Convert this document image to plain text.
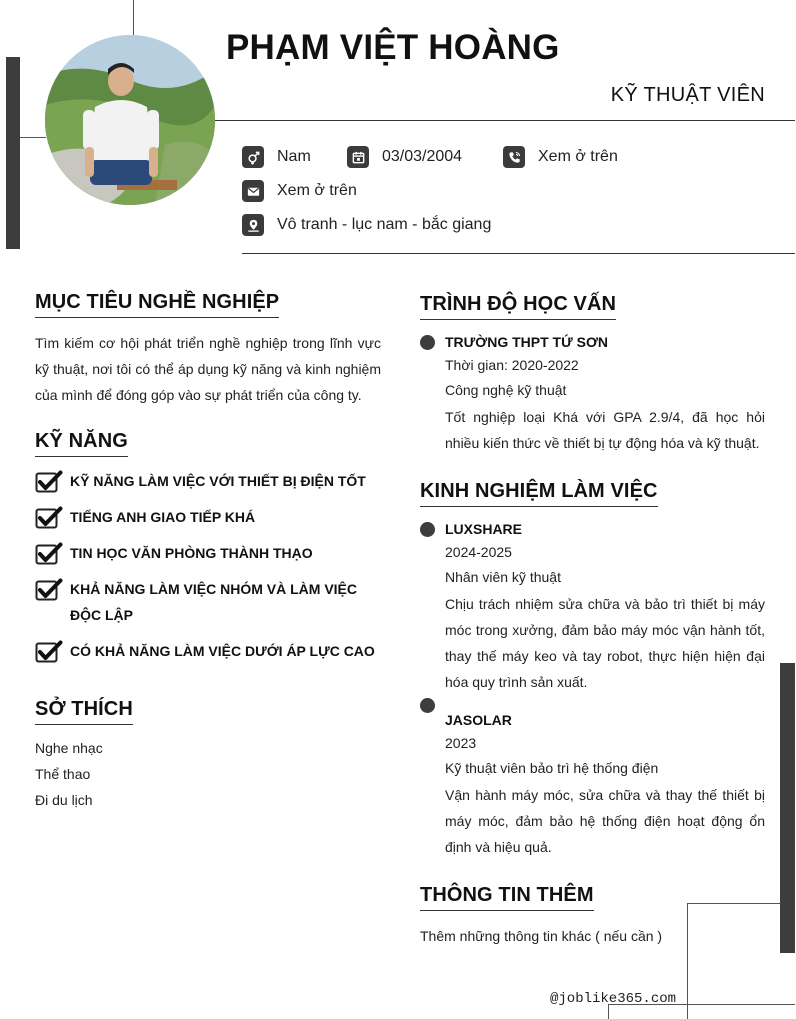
PHẠM VIỆT HOÀNG
KỸ THUẬT VIÊN
Nam	03/03/2004	Xem ở trên
Xem ở trên
Vô tranh - lục nam - bắc giang
MỤC TIÊU NGHỀ NGHIỆP
Tìm kiếm cơ hội phát triển nghề nghiệp trong lĩnh vực kỹ thuật, nơi tôi có thể áp dụng kỹ năng và kinh nghiệm của mình để đóng góp vào sự phát triển của công ty.
KỸ NĂNG
KỸ NĂNG LÀM VIỆC VỚI THIẾT BỊ ĐIỆN TỐT
TIẾNG ANH GIAO TIẾP KHÁ
TIN HỌC VĂN PHÒNG THÀNH THẠO
KHẢ NĂNG LÀM VIỆC NHÓM VÀ LÀM VIỆC ĐỘC LẬP
CÓ KHẢ NĂNG LÀM VIỆC DƯỚI ÁP LỰC CAO
SỞ THÍCH
Nghe nhạc
Thể thao
Đi du lịch
TRÌNH ĐỘ HỌC VẤN
TRƯỜNG THPT TỨ SƠN
Thời gian: 2020-2022
Công nghệ kỹ thuật
Tốt nghiệp loại Khá với GPA 2.9/4, đã học hỏi nhiều kiến thức về thiết bị tự động hóa và kỹ thuật.
KINH NGHIỆM LÀM VIỆC
LUXSHARE
2024-2025
Nhân viên kỹ thuật
Chịu trách nhiệm sửa chữa và bảo trì thiết bị máy móc trong xưởng, đảm bảo máy móc vận hành tốt, thay thế máy keo và tay robot, thực hiện hiện đại hóa quy trình sản xuất.
JASOLAR
2023
Kỹ thuật viên bảo trì hệ thống điện
Vận hành máy móc, sửa chữa và thay thế thiết bị máy móc, đảm bảo hệ thống điện hoạt động ổn định và hiệu quả.
THÔNG TIN THÊM
Thêm những thông tin khác ( nếu cần )
@joblike365.com
